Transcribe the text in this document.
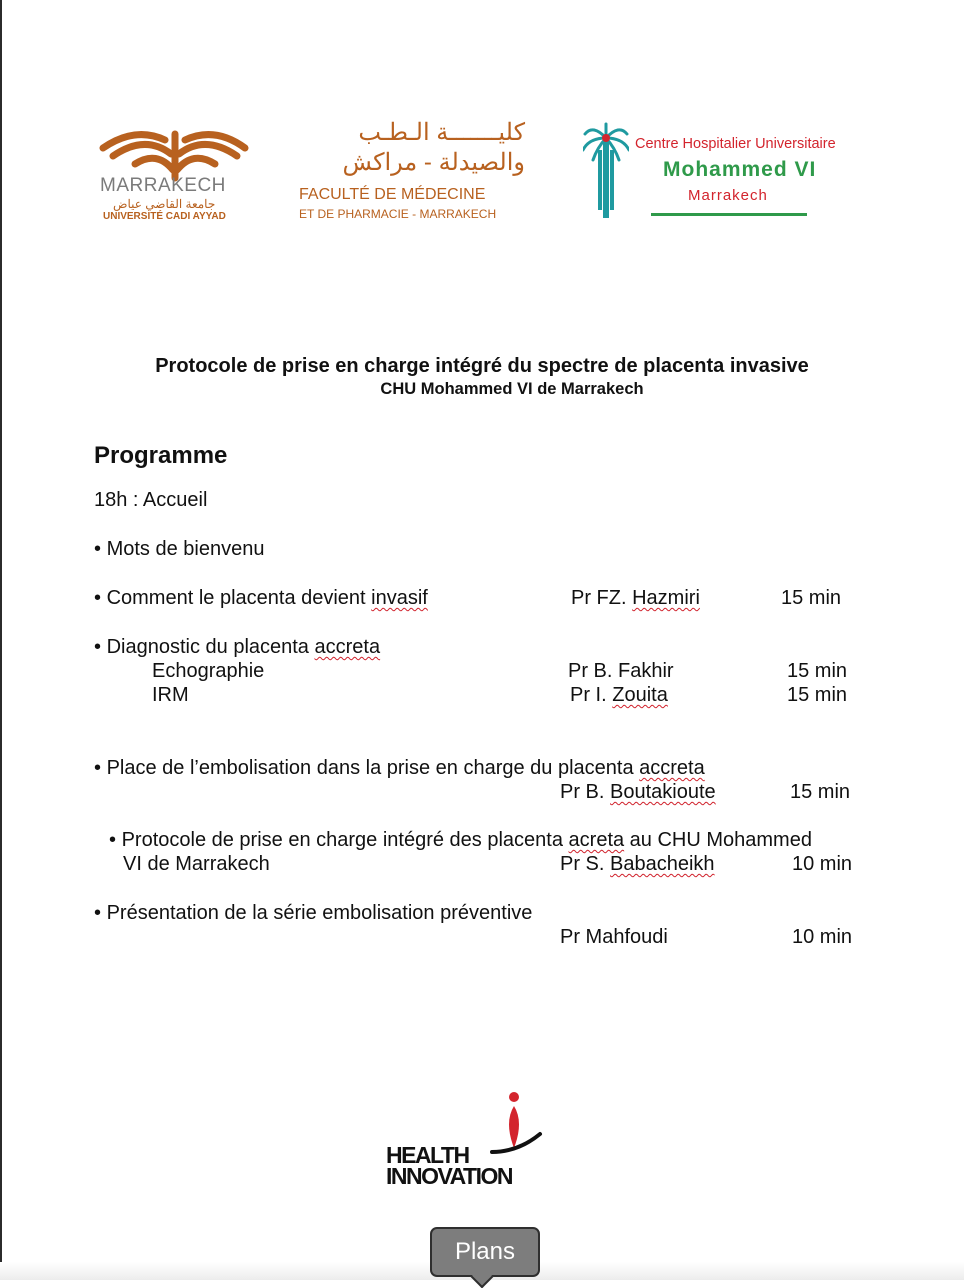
MARRAKECH
جامعة القاضي عياض
UNIVERSITÉ CADI AYYAD
كليـــــــة الـطـب
والصيدلة - مراكش
FACULTÉ DE MÉDECINE
ET DE PHARMACIE - MARRAKECH
Centre Hospitalier Universitaire
Mohammed VI
Marrakech
Protocole de prise en charge intégré du spectre de placenta invasive
CHU Mohammed VI de Marrakech
Programme
18h : Accueil
• Mots de bienvenu
• Comment le placenta devient invasif	Pr FZ. Hazmiri	15 min
• Diagnostic du placenta accreta
Echographie	Pr B. Fakhir	15 min
IRM	Pr I. Zouita	15 min
• Place de l’embolisation dans la prise en charge du placenta accreta
Pr B. Boutakioute	15 min
• Protocole de prise en charge intégré des placenta acreta au CHU Mohammed
VI de Marrakech	Pr S. Babacheikh	10 min
• Présentation de la série embolisation préventive
Pr Mahfoudi	10 min
HEALTH
INNOVATION
Plans
